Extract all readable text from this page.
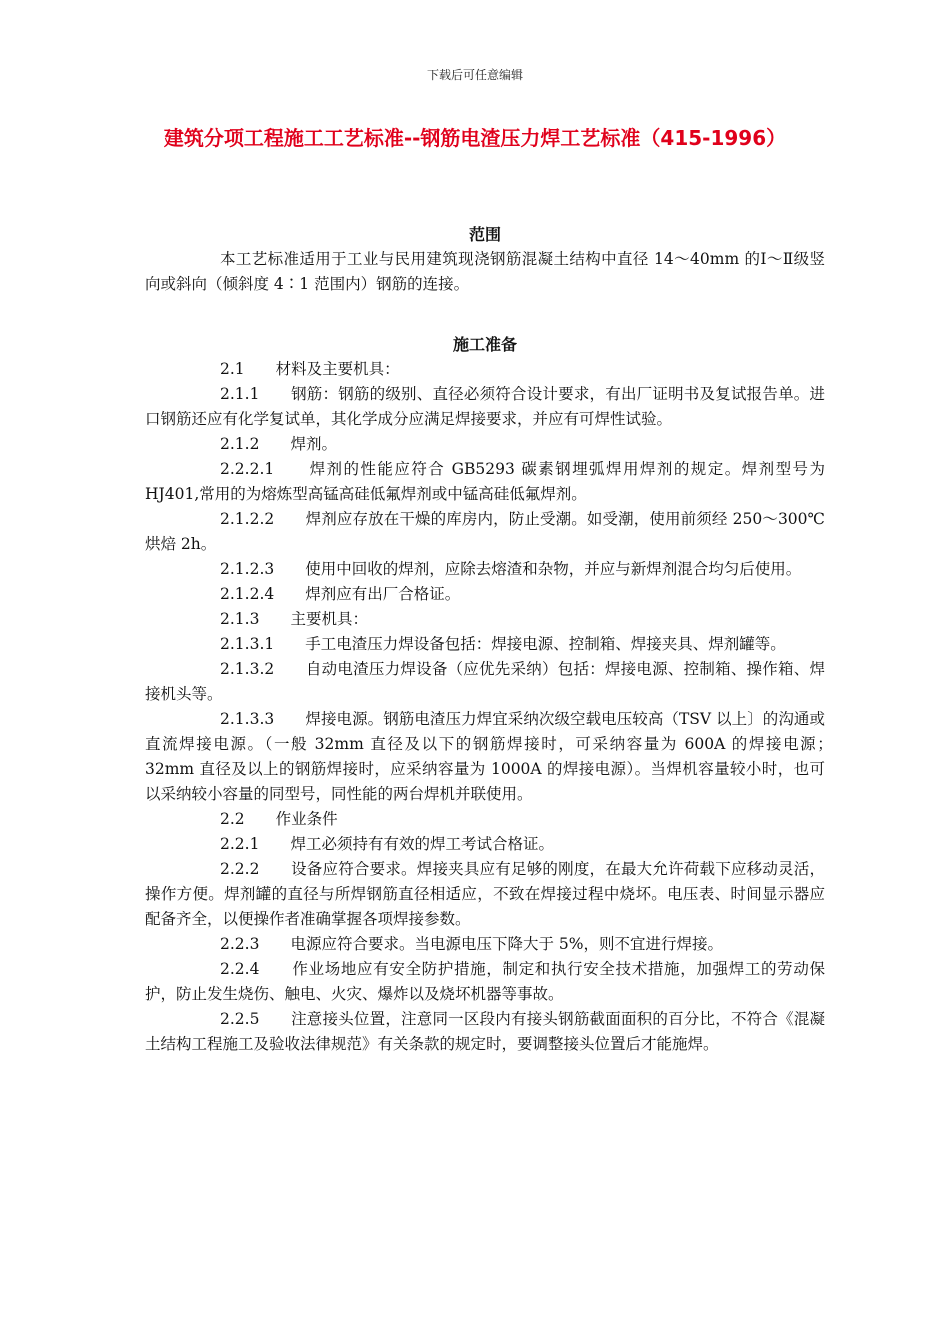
下载后可任意编辑
建筑分项工程施工工艺标准--钢筋电渣压力焊工艺标准（415-1996）
范围

本工艺标准适用于工业与民用建筑现浇钢筋混凝土结构中直径 14～40mm 的Ⅰ～Ⅱ级竖向或斜向（倾斜度 4∶1 范围内）钢筋的连接。

施工准备

2.1　　材料及主要机具：

2.1.1　　钢筋：钢筋的级别、直径必须符合设计要求，有出厂证明书及复试报告单。进口钢筋还应有化学复试单，其化学成分应满足焊接要求，并应有可焊性试验。

2.1.2　　焊剂。

2.2.2.1　　焊剂的性能应符合 GB5293 碳素钢埋弧焊用焊剂的规定。焊剂型号为HJ401,常用的为熔炼型高锰高硅低氟焊剂或中锰高硅低氟焊剂。

2.1.2.2　　焊剂应存放在干燥的库房内，防止受潮。如受潮，使用前须经 250～300℃烘焙 2h。

2.1.2.3　　使用中回收的焊剂，应除去熔渣和杂物，并应与新焊剂混合均匀后使用。

2.1.2.4　　焊剂应有出厂合格证。

2.1.3　　主要机具：

2.1.3.1　　手工电渣压力焊设备包括：焊接电源、控制箱、焊接夹具、焊剂罐等。

2.1.3.2　　自动电渣压力焊设备（应优先采纳）包括：焊接电源、控制箱、操作箱、焊接机头等。

2.1.3.3　　焊接电源。钢筋电渣压力焊宜采纳次级空载电压较高（TSV 以上〕的沟通或直流焊接电源。（一般 32mm 直径及以下的钢筋焊接时，可采纳容量为 600A 的焊接电源；　32mm 直径及以上的钢筋焊接时，应采纳容量为 1000A 的焊接电源）。当焊机容量较小时，也可以采纳较小容量的同型号，同性能的两台焊机并联使用。

2.2　　作业条件

2.2.1　　焊工必须持有有效的焊工考试合格证。

2.2.2　　设备应符合要求。焊接夹具应有足够的刚度，在最大允许荷载下应移动灵活，操作方便。焊剂罐的直径与所焊钢筋直径相适应，不致在焊接过程中烧坏。电压表、时间显示器应配备齐全，以便操作者准确掌握各项焊接参数。

2.2.3　　电源应符合要求。当电源电压下降大于 5%，则不宜进行焊接。

2.2.4　　作业场地应有安全防护措施，制定和执行安全技术措施，加强焊工的劳动保护，防止发生烧伤、触电、火灾、爆炸以及烧坏机器等事故。

2.2.5　　注意接头位置，注意同一区段内有接头钢筋截面面积的百分比，不符合《混凝土结构工程施工及验收法律规范》有关条款的规定时，要调整接头位置后才能施焊。
